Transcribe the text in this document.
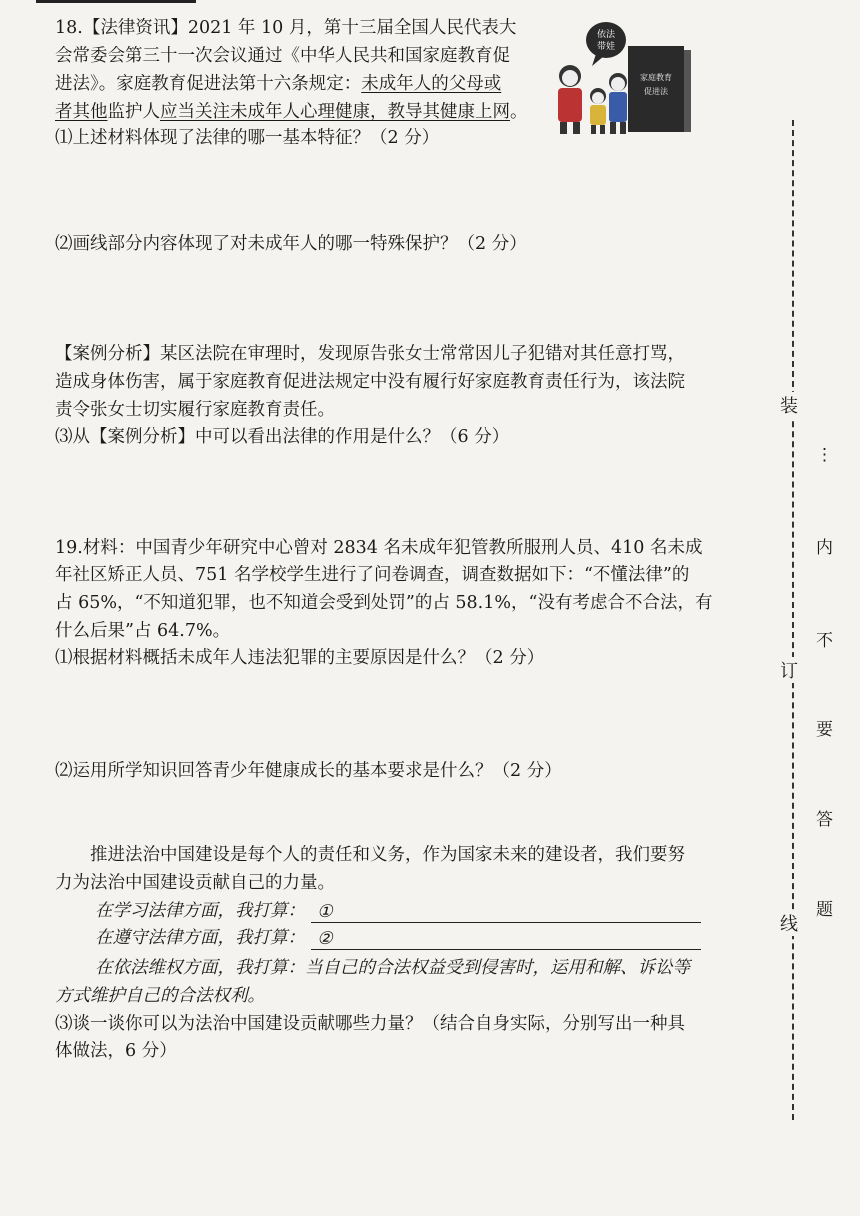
18.【法律资讯】2021 年 10 月，第十三届全国人民代表大
会常委会第三十一次会议通过《中华人民共和国家庭教育促
进法》。家庭教育促进法第十六条规定：未成年人的父母或
者其他监护人应当关注未成年人心理健康，教导其健康上网。
⑴上述材料体现了法律的哪一基本特征？（2 分）
⑵画线部分内容体现了对未成年人的哪一特殊保护？（2 分）
【案例分析】某区法院在审理时，发现原告张女士常常因儿子犯错对其任意打骂，
造成身体伤害，属于家庭教育促进法规定中没有履行好家庭教育责任行为，该法院
责令张女士切实履行家庭教育责任。
⑶从【案例分析】中可以看出法律的作用是什么？（6 分）
家庭教育
促进法
依法
带娃
19.材料：中国青少年研究中心曾对 2834 名未成年犯管教所服刑人员、410 名未成
年社区矫正人员、751 名学校学生进行了问卷调查，调查数据如下：“不懂法律”的
占 65%，“不知道犯罪，也不知道会受到处罚”的占 58.1%，“没有考虑合不合法，有
什么后果”占 64.7%。
⑴根据材料概括未成年人违法犯罪的主要原因是什么？（2 分）
⑵运用所学知识回答青少年健康成长的基本要求是什么？（2 分）
推进法治中国建设是每个人的责任和义务，作为国家未来的建设者，我们要努
力为法治中国建设贡献自己的力量。
在学习法律方面，我打算： ①
在遵守法律方面，我打算： ②
在依法维权方面，我打算：当自己的合法权益受到侵害时，运用和解、诉讼等
方式维护自己的合法权利。
⑶谈一谈你可以为法治中国建设贡献哪些力量？（结合自身实际，分别写出一种具
体做法，6 分）
装
订
线
⋮
内
不
要
答
题
